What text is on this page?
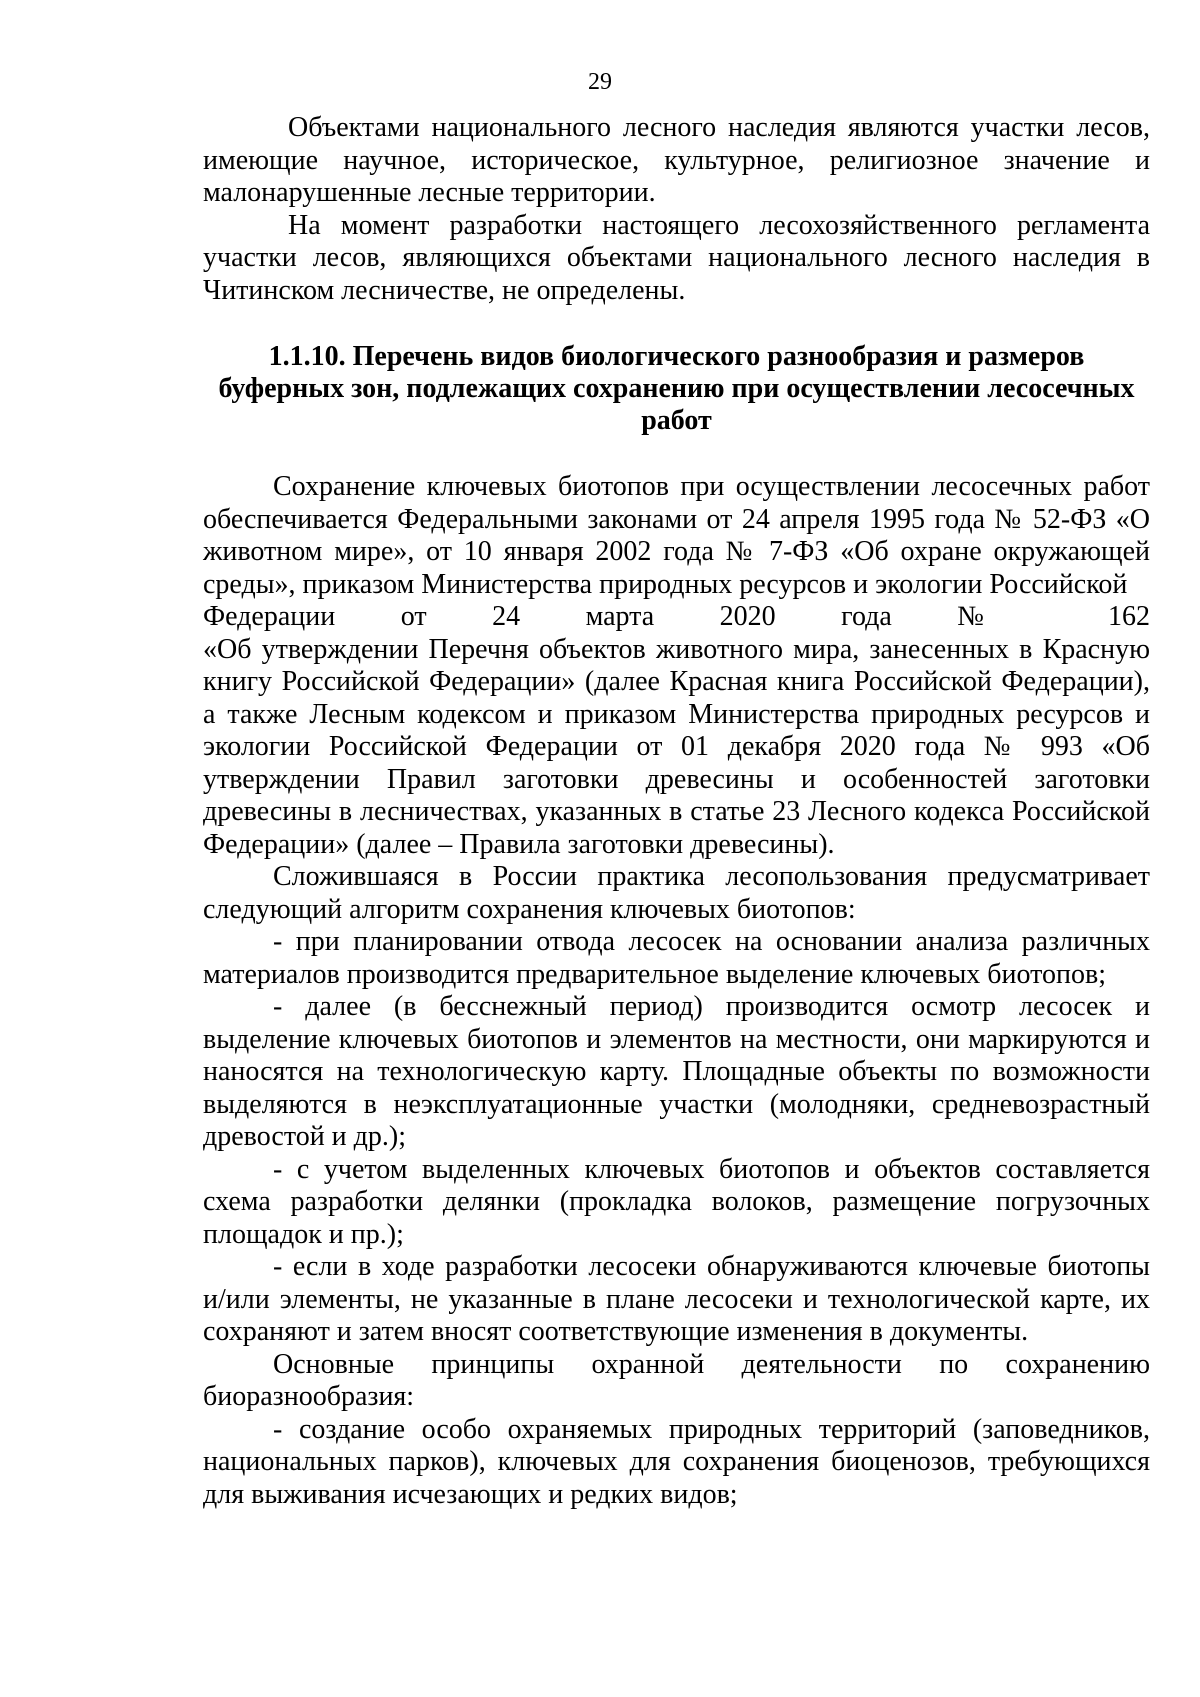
29

Объектами национального лесного наследия являются участки лесов, имеющие научное, историческое, культурное, религиозное значение и малонарушенные лесные территории.

На момент разработки настоящего лесохозяйственного регламента участки лесов, являющихся объектами национального лесного наследия в Читинском лесничестве, не определены.

1.1.10. Перечень видов биологического разнообразия и размеров
буферных зон, подлежащих сохранению при осуществлении лесосечных
работ

Сохранение ключевых биотопов при осуществлении лесосечных работ обеспечивается Федеральными законами от 24 апреля 1995 года № 52-ФЗ «О животном мире», от 10 января 2002 года № 7-ФЗ «Об охране окружающей среды», приказом Министерства природных ресурсов и экологии Российской

Федерации от 24 марта 2020 года № 162

«Об утверждении Перечня объектов животного мира, занесенных в Красную книгу Российской Федерации» (далее Красная книга Российской Федерации), а также Лесным кодексом и приказом Министерства природных ресурсов и экологии Российской Федерации от 01 декабря 2020 года № 993 «Об утверждении Правил заготовки древесины и особенностей заготовки древесины в лесничествах, указанных в статье 23 Лесного кодекса Российской Федерации» (далее – Правила заготовки древесины).

Сложившаяся в России практика лесопользования предусматривает следующий алгоритм сохранения ключевых биотопов:

- при планировании отвода лесосек на основании анализа различных материалов производится предварительное выделение ключевых биотопов;

- далее (в бесснежный период) производится осмотр лесосек и выделение ключевых биотопов и элементов на местности, они маркируются и наносятся на технологическую карту. Площадные объекты по возможности выделяются в неэксплуатационные участки (молодняки, средневозрастный древостой и др.);

- с учетом выделенных ключевых биотопов и объектов составляется схема разработки делянки (прокладка волоков, размещение погрузочных площадок и пр.);

- если в ходе разработки лесосеки обнаруживаются ключевые биотопы и/или элементы, не указанные в плане лесосеки и технологической карте, их сохраняют и затем вносят соответствующие изменения в документы.

Основные принципы охранной деятельности по сохранению биоразнообразия:

- создание особо охраняемых природных территорий (заповедников, национальных парков), ключевых для сохранения биоценозов, требующихся для выживания исчезающих и редких видов;
